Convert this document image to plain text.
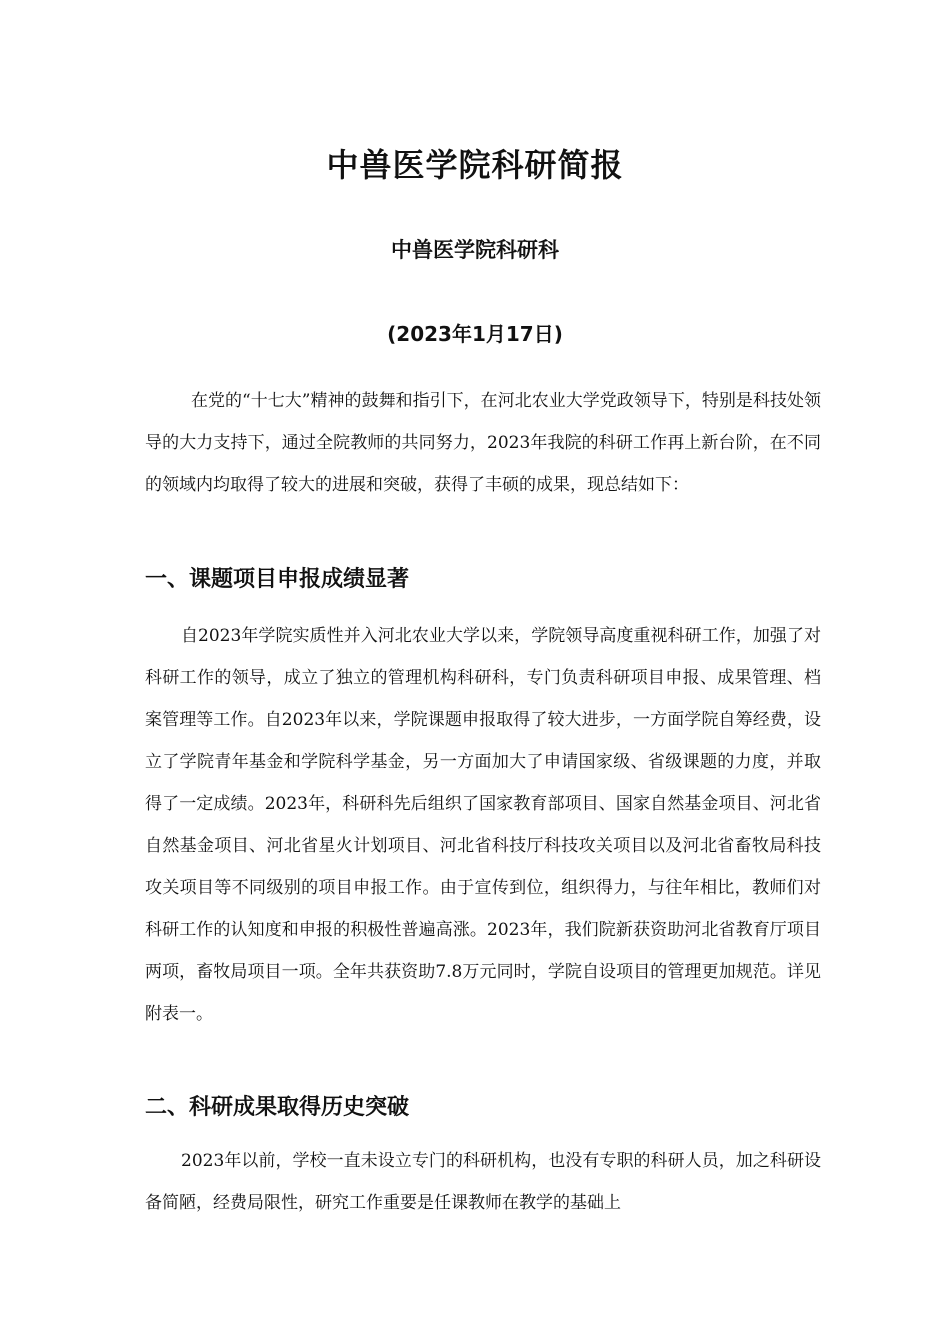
中兽医学院科研简报
中兽医学院科研科
(2023年1月17日)

在党的“十七大”精神的鼓舞和指引下，在河北农业大学党政领导下，特别是科技处领导的大力支持下，通过全院教师的共同努力，2023年我院的科研工作再上新台阶，在不同的领域内均取得了较大的进展和突破，获得了丰硕的成果，现总结如下：

一、课题项目申报成绩显著

自2023年学院实质性并入河北农业大学以来，学院领导高度重视科研工作，加强了对科研工作的领导，成立了独立的管理机构科研科，专门负责科研项目申报、成果管理、档案管理等工作。自2023年以来，学院课题申报取得了较大进步，一方面学院自筹经费，设立了学院青年基金和学院科学基金，另一方面加大了申请国家级、省级课题的力度，并取得了一定成绩。2023年，科研科先后组织了国家教育部项目、国家自然基金项目、河北省自然基金项目、河北省星火计划项目、河北省科技厅科技攻关项目以及河北省畜牧局科技攻关项目等不同级别的项目申报工作。由于宣传到位，组织得力，与往年相比，教师们对科研工作的认知度和申报的积极性普遍高涨。2023年，我们院新获资助河北省教育厅项目两项，畜牧局项目一项。全年共获资助7.8万元同时，学院自设项目的管理更加规范。详见附表一。

二、科研成果取得历史突破

2023年以前，学校一直未设立专门的科研机构，也没有专职的科研人员，加之科研设备简陋，经费局限性，研究工作重要是任课教师在教学的基础上
